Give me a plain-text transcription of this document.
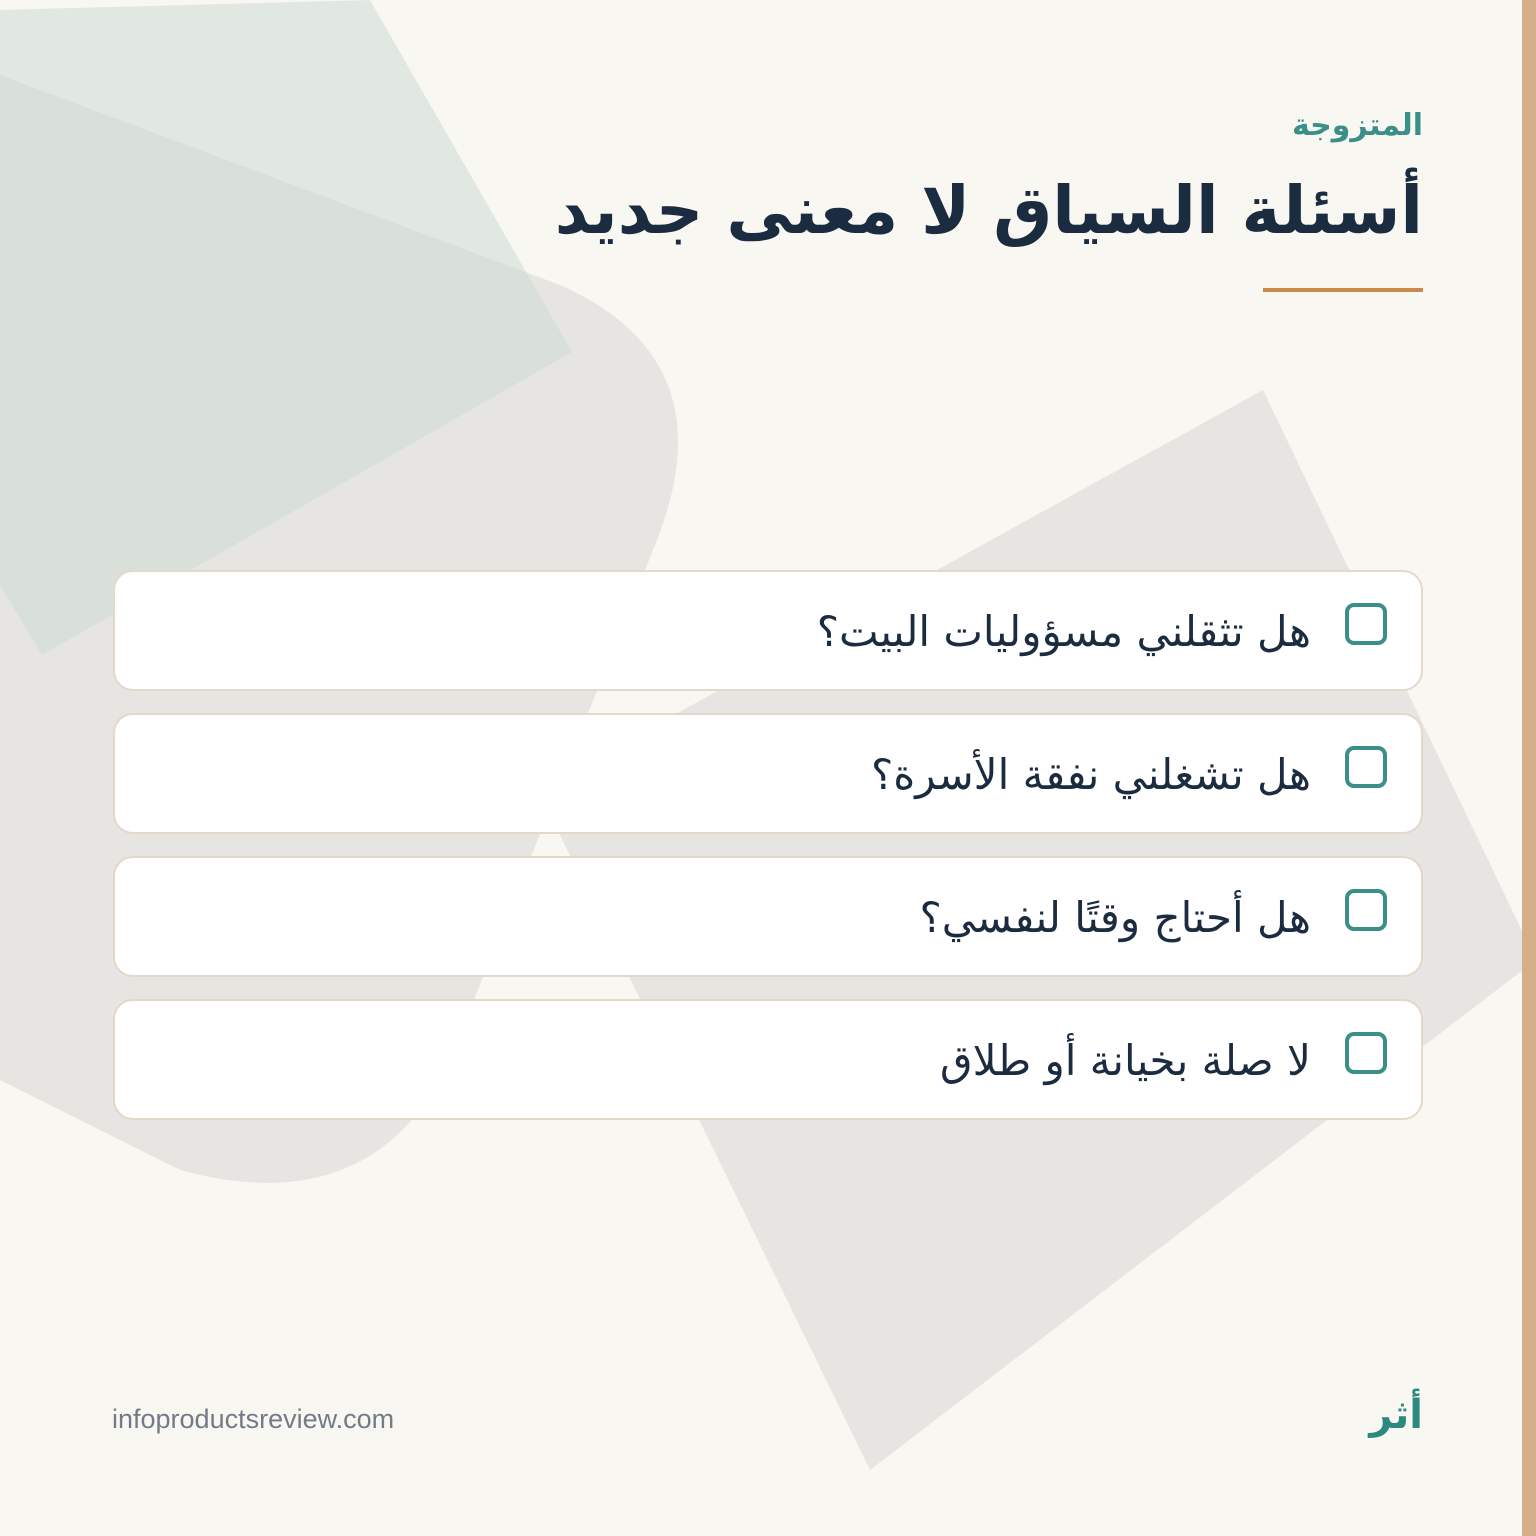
المتزوجة
أسئلة السياق لا معنى جديد
هل تثقلني مسؤوليات البيت؟
هل تشغلني نفقة الأسرة؟
هل أحتاج وقتًا لنفسي؟
لا صلة بخيانة أو طلاق
infoproductsreview.com	أثر
